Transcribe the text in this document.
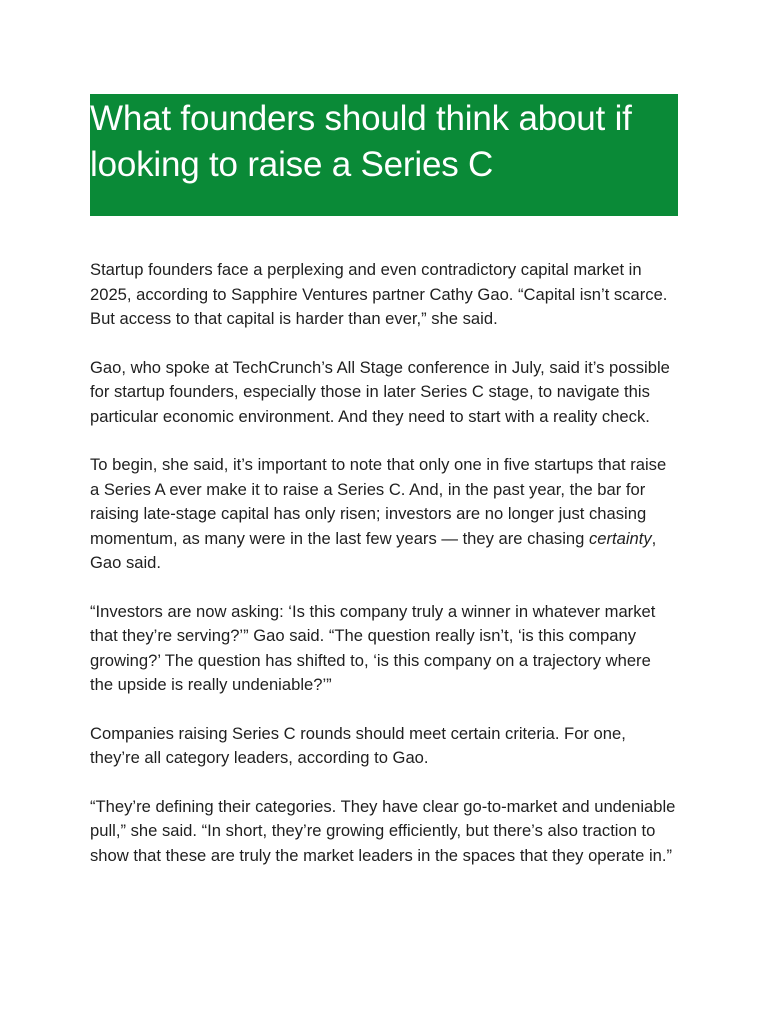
What founders should think about if looking to raise a Series C

Startup founders face a perplexing and even contradictory capital market in 2025, according to Sapphire Ventures partner Cathy Gao. “Capital isn’t scarce. But access to that capital is harder than ever,” she said.

Gao, who spoke at TechCrunch’s All Stage conference in July, said it’s possible for startup founders, especially those in later Series C stage, to navigate this particular economic environment. And they need to start with a reality check.

To begin, she said, it’s important to note that only one in five startups that raise a Series A ever make it to raise a Series C. And, in the past year, the bar for raising late-stage capital has only risen; investors are no longer just chasing momentum, as many were in the last few years — they are chasing certainty, Gao said.

“Investors are now asking: ‘Is this company truly a winner in whatever market that they’re serving?’” Gao said. “The question really isn’t, ‘is this company growing?’ The question has shifted to, ‘is this company on a trajectory where the upside is really undeniable?’”

Companies raising Series C rounds should meet certain criteria. For one, they’re all category leaders, according to Gao.

“They’re defining their categories. They have clear go-to-market and undeniable pull,” she said. “In short, they’re growing efficiently, but there’s also traction to show that these are truly the market leaders in the spaces that they operate in.”
